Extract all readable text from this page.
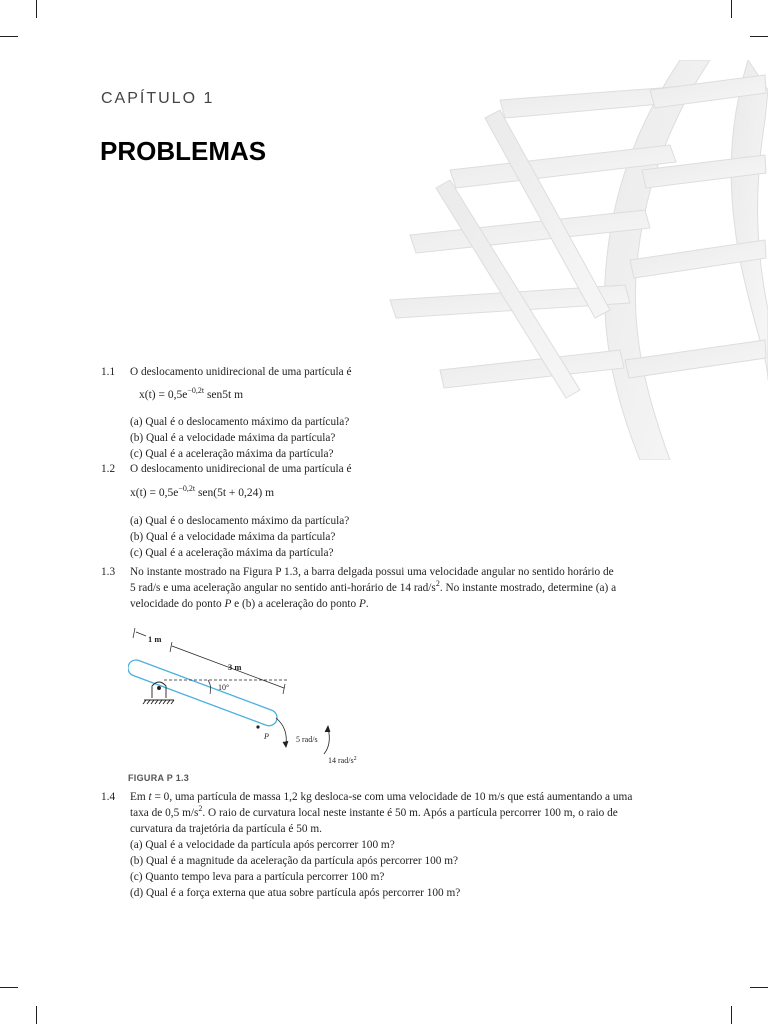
CAPÍTULO 1
PROBLEMAS
1.1 O deslocamento unidirecional de uma partícula é
$x(t) = 0,5e^{-0,2t}$ sen5t m
(a) Qual é o deslocamento máximo da partícula?
(b) Qual é a velocidade máxima da partícula?
(c) Qual é a aceleração máxima da partícula?
1.2 O deslocamento unidirecional de uma partícula é
$x(t) = 0,5e^{-0,2t}$ sen(5t + 0,24) m
(a) Qual é o deslocamento máximo da partícula?
(b) Qual é a velocidade máxima da partícula?
(c) Qual é a aceleração máxima da partícula?
1.3 No instante mostrado na Figura P 1.3, a barra delgada possui uma velocidade angular no sentido horário de
5 rad/s e uma aceleração angular no sentido anti-horário de 14 rad/$s^2$. No instante mostrado, determine (a) a
velocidade do ponto P e (b) a aceleração do ponto P.
1 m
3 m
10°
P	5 rad/s
14 rad/$s^2$

FIGURA P 1.3

1.4 Em t = 0, uma partícula de massa 1,2 kg desloca-se com uma velocidade de 10 m/s que está aumentando a uma
taxa de 0,5 $m/s^2$. O raio de curvatura local neste instante é 50 m. Após a partícula percorrer 100 m, o raio de
curvatura da trajetória da partícula é 50 m.
(a) Qual é a velocidade da partícula após percorrer 100 m?
(b) Qual é a magnitude da aceleração da partícula após percorrer 100 m?
(c) Quanto tempo leva para a partícula percorrer 100 m?
(d) Qual é a força externa que atua sobre partícula após percorrer 100 m?
